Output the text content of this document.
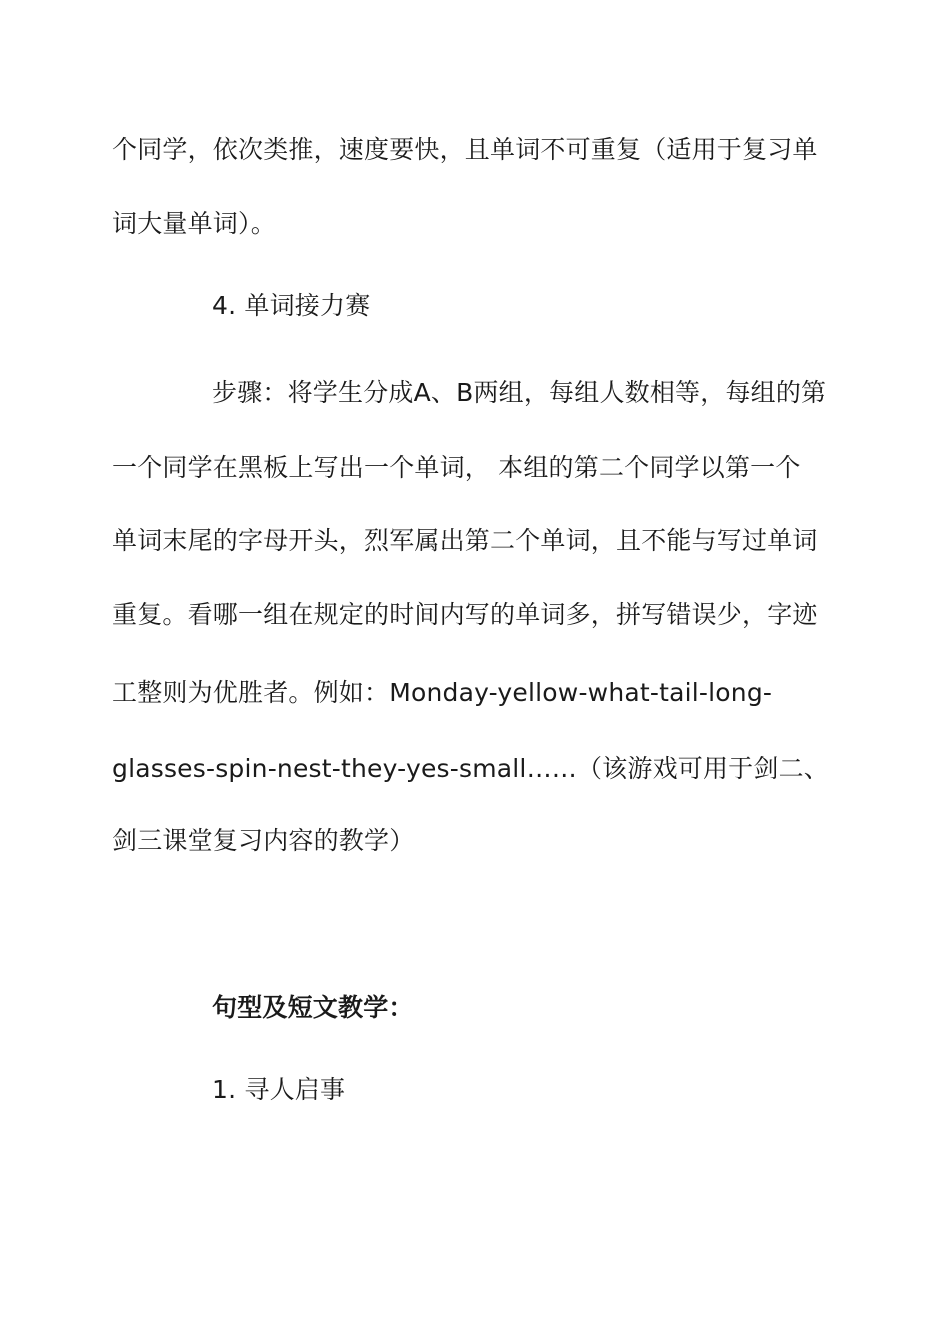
个同学，依次类推，速度要快，且单词不可重复（适用于复习单
词大量单词）。
4. 单词接力赛
步骤：将学生分成A、B两组，每组人数相等，每组的第
一个同学在黑板上写出一个单词， 本组的第二个同学以第一个
单词末尾的字母开头，烈军属出第二个单词，且不能与写过单词
重复。看哪一组在规定的时间内写的单词多，拼写错误少，字迹
工整则为优胜者。例如：Monday-yellow-what-tail-long-
glasses-spin-nest-they-yes-small……（该游戏可用于剑二、
剑三课堂复习内容的教学）
句型及短文教学：
1. 寻人启事
